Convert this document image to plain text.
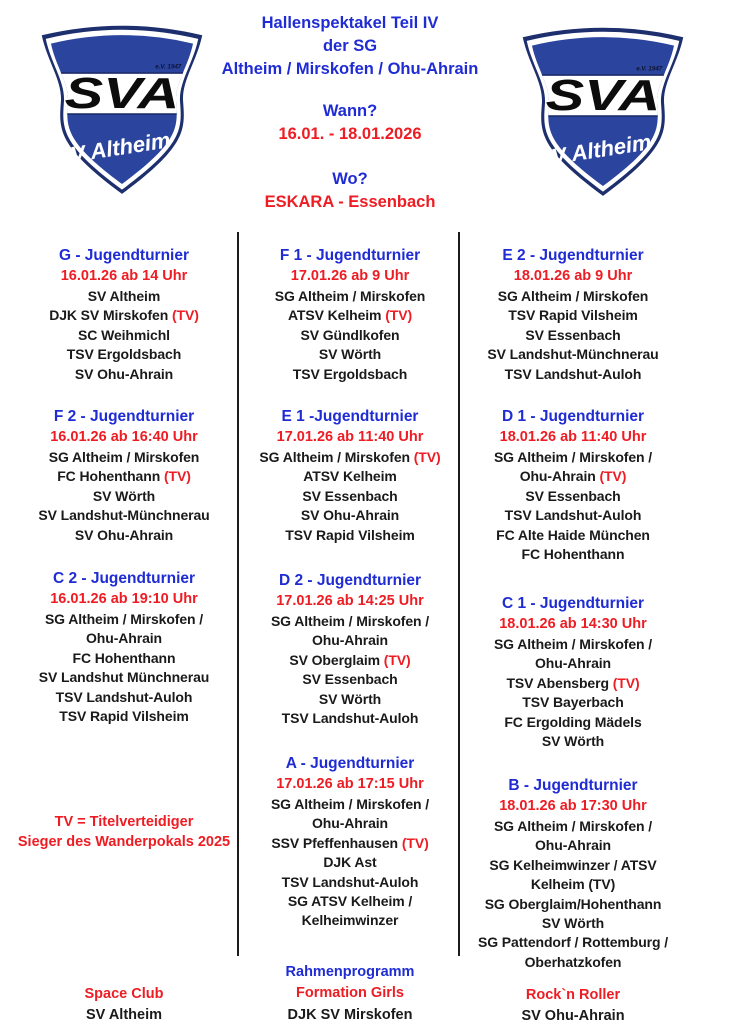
e.V. 1947
SVA
SV Altheim
Hallenspektakel Teil IV
der SG
Altheim / Mirskofen / Ohu-Ahrain
Wann?
16.01. - 18.01.2026
Wo?
ESKARA - Essenbach
e.V. 1947
SVA
SV Altheim
G - Jugendturnier
16.01.26 ab 14 Uhr
SV Altheim
DJK SV Mirskofen (TV)
SC Weihmichl
TSV Ergoldsbach
SV Ohu-Ahrain
F 2 - Jugendturnier
16.01.26 ab 16:40 Uhr
SG Altheim / Mirskofen
FC Hohenthann (TV)
SV Wörth
SV Landshut-Münchnerau
SV Ohu-Ahrain
C 2 - Jugendturnier
16.01.26 ab 19:10 Uhr
SG Altheim / Mirskofen /
Ohu-Ahrain
FC Hohenthann
SV Landshut Münchnerau
TSV Landshut-Auloh
TSV Rapid Vilsheim
TV = Titelverteidiger
Sieger des Wanderpokals 2025
Space Club
SV Altheim
F 1 - Jugendturnier
17.01.26 ab 9 Uhr
SG Altheim / Mirskofen
ATSV Kelheim (TV)
SV Gündlkofen
SV Wörth
TSV Ergoldsbach
E 1 -Jugendturnier
17.01.26 ab 11:40 Uhr
SG Altheim / Mirskofen (TV)
ATSV Kelheim
SV Essenbach
SV Ohu-Ahrain
TSV Rapid Vilsheim
D 2 - Jugendturnier
17.01.26 ab 14:25 Uhr
SG Altheim / Mirskofen /
Ohu-Ahrain
SV Oberglaim (TV)
SV Essenbach
SV Wörth
TSV Landshut-Auloh
A - Jugendturnier
17.01.26 ab 17:15 Uhr
SG Altheim / Mirskofen /
Ohu-Ahrain
SSV Pfeffenhausen (TV)
DJK Ast
TSV Landshut-Auloh
SG ATSV Kelheim /
Kelheimwinzer
Rahmenprogramm
Formation Girls
DJK SV Mirskofen
E 2 - Jugendturnier
18.01.26 ab 9 Uhr
SG Altheim / Mirskofen
TSV Rapid Vilsheim
SV Essenbach
SV Landshut-Münchnerau
TSV Landshut-Auloh
D 1 - Jugendturnier
18.01.26 ab 11:40 Uhr
SG Altheim / Mirskofen /
Ohu-Ahrain (TV)
SV Essenbach
TSV Landshut-Auloh
FC Alte Haide München
FC Hohenthann
C 1 - Jugendturnier
18.01.26 ab 14:30 Uhr
SG Altheim / Mirskofen /
Ohu-Ahrain
TSV Abensberg (TV)
TSV Bayerbach
FC Ergolding Mädels
SV Wörth
B - Jugendturnier
18.01.26 ab 17:30 Uhr
SG Altheim / Mirskofen /
Ohu-Ahrain
SG Kelheimwinzer / ATSV
Kelheim (TV)
SG Oberglaim/Hohenthann
SV Wörth
SG Pattendorf / Rottemburg /
Oberhatzkofen
Rock`n Roller
SV Ohu-Ahrain
